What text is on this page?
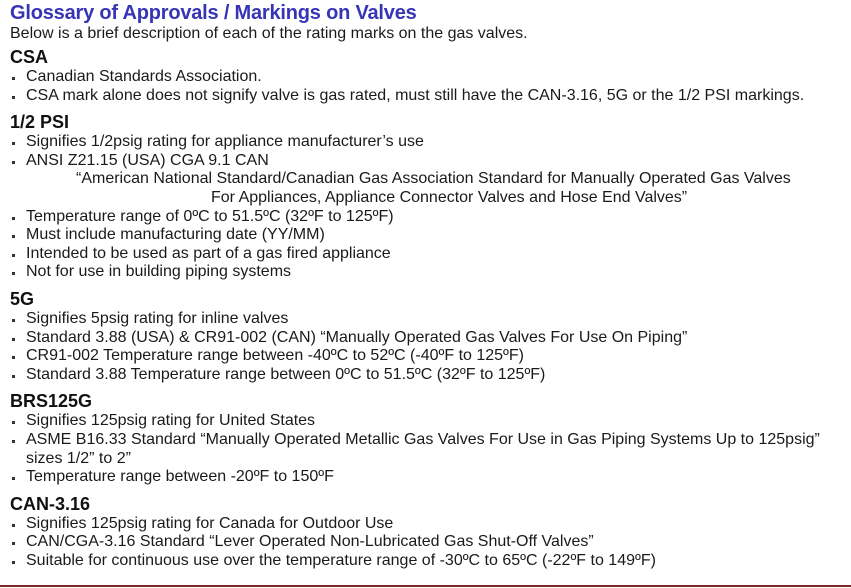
Glossary of Approvals / Markings on Valves
Below is a brief description of each of the rating marks on the gas valves.
CSA
Canadian Standards Association.
CSA mark alone does not signify valve is gas rated, must still have the CAN-3.16, 5G or the 1/2 PSI markings.
1/2 PSI
Signifies 1/2psig rating for appliance manufacturer’s use
ANSI Z21.15 (USA) CGA 9.1 CAN
“American National Standard/Canadian Gas Association Standard for Manually Operated Gas Valves
For Appliances, Appliance Connector Valves and Hose End Valves”
Temperature range of 0ºC to 51.5ºC (32ºF to 125ºF)
Must include manufacturing date (YY/MM)
Intended to be used as part of a gas fired appliance
Not for use in building piping systems
5G
Signifies 5psig rating for inline valves
Standard 3.88 (USA) & CR91-002 (CAN) “Manually Operated Gas Valves For Use On Piping”
CR91-002 Temperature range between -40ºC to 52ºC (-40ºF to 125ºF)
Standard 3.88 Temperature range between 0ºC to 51.5ºC (32ºF to 125ºF)
BRS125G
Signifies 125psig rating for United States
ASME B16.33 Standard “Manually Operated Metallic Gas Valves For Use in Gas Piping Systems Up to 125psig”
sizes 1/2” to 2”
Temperature range between -20ºF to 150ºF
CAN-3.16
Signifies 125psig rating for Canada for Outdoor Use
CAN/CGA-3.16 Standard “Lever Operated Non-Lubricated Gas Shut-Off Valves”
Suitable for continuous use over the temperature range of -30ºC to 65ºC (-22ºF to 149ºF)
